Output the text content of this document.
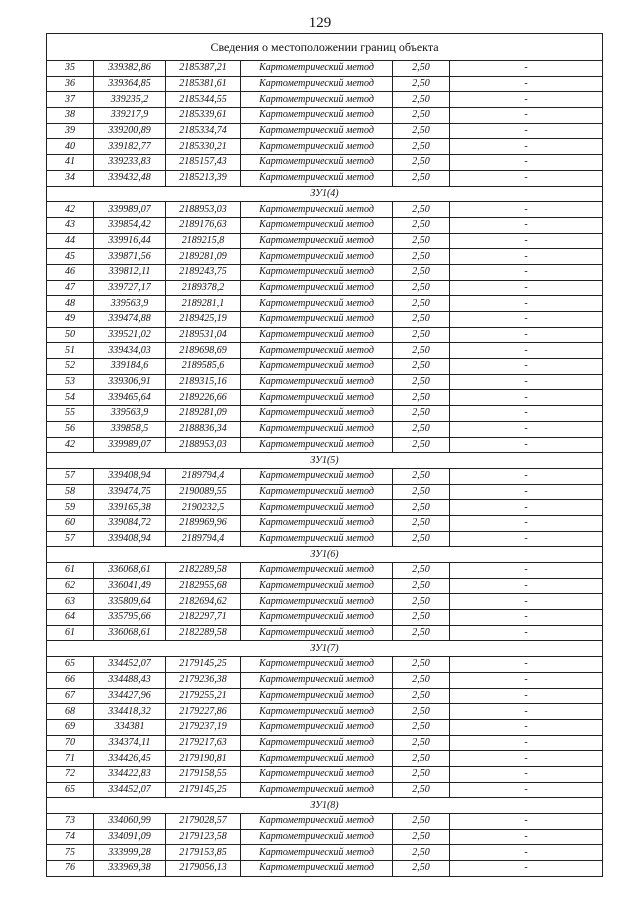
129
Сведения о местоположении границ объекта					
35	339382,86	2185387,21	Картометрический метод	2,50	-
36	339364,85	2185381,61	Картометрический метод	2,50	-
37	339235,2	2185344,55	Картометрический метод	2,50	-
38	339217,9	2185339,61	Картометрический метод	2,50	-
39	339200,89	2185334,74	Картометрический метод	2,50	-
40	339182,77	2185330,21	Картометрический метод	2,50	-
41	339233,83	2185157,43	Картометрический метод	2,50	-
34	339432,48	2185213,39	Картометрический метод	2,50	-
ЗУ1(4)					
42	339989,07	2188953,03	Картометрический метод	2,50	-
43	339854,42	2189176,63	Картометрический метод	2,50	-
44	339916,44	2189215,8	Картометрический метод	2,50	-
45	339871,56	2189281,09	Картометрический метод	2,50	-
46	339812,11	2189243,75	Картометрический метод	2,50	-
47	339727,17	2189378,2	Картометрический метод	2,50	-
48	339563,9	2189281,1	Картометрический метод	2,50	-
49	339474,88	2189425,19	Картометрический метод	2,50	-
50	339521,02	2189531,04	Картометрический метод	2,50	-
51	339434,03	2189698,69	Картометрический метод	2,50	-
52	339184,6	2189585,6	Картометрический метод	2,50	-
53	339306,91	2189315,16	Картометрический метод	2,50	-
54	339465,64	2189226,66	Картометрический метод	2,50	-
55	339563,9	2189281,09	Картометрический метод	2,50	-
56	339858,5	2188836,34	Картометрический метод	2,50	-
42	339989,07	2188953,03	Картометрический метод	2,50	-
ЗУ1(5)					
57	339408,94	2189794,4	Картометрический метод	2,50	-
58	339474,75	2190089,55	Картометрический метод	2,50	-
59	339165,38	2190232,5	Картометрический метод	2,50	-
60	339084,72	2189969,96	Картометрический метод	2,50	-
57	339408,94	2189794,4	Картометрический метод	2,50	-
ЗУ1(6)					
61	336068,61	2182289,58	Картометрический метод	2,50	-
62	336041,49	2182955,68	Картометрический метод	2,50	-
63	335809,64	2182694,62	Картометрический метод	2,50	-
64	335795,66	2182297,71	Картометрический метод	2,50	-
61	336068,61	2182289,58	Картометрический метод	2,50	-
ЗУ1(7)					
65	334452,07	2179145,25	Картометрический метод	2,50	-
66	334488,43	2179236,38	Картометрический метод	2,50	-
67	334427,96	2179255,21	Картометрический метод	2,50	-
68	334418,32	2179227,86	Картометрический метод	2,50	-
69	334381	2179237,19	Картометрический метод	2,50	-
70	334374,11	2179217,63	Картометрический метод	2,50	-
71	334426,45	2179190,81	Картометрический метод	2,50	-
72	334422,83	2179158,55	Картометрический метод	2,50	-
65	334452,07	2179145,25	Картометрический метод	2,50	-
ЗУ1(8)					
73	334060,99	2179028,57	Картометрический метод	2,50	-
74	334091,09	2179123,58	Картометрический метод	2,50	-
75	333999,28	2179153,85	Картометрический метод	2,50	-
76	333969,38	2179056,13	Картометрический метод	2,50	-
